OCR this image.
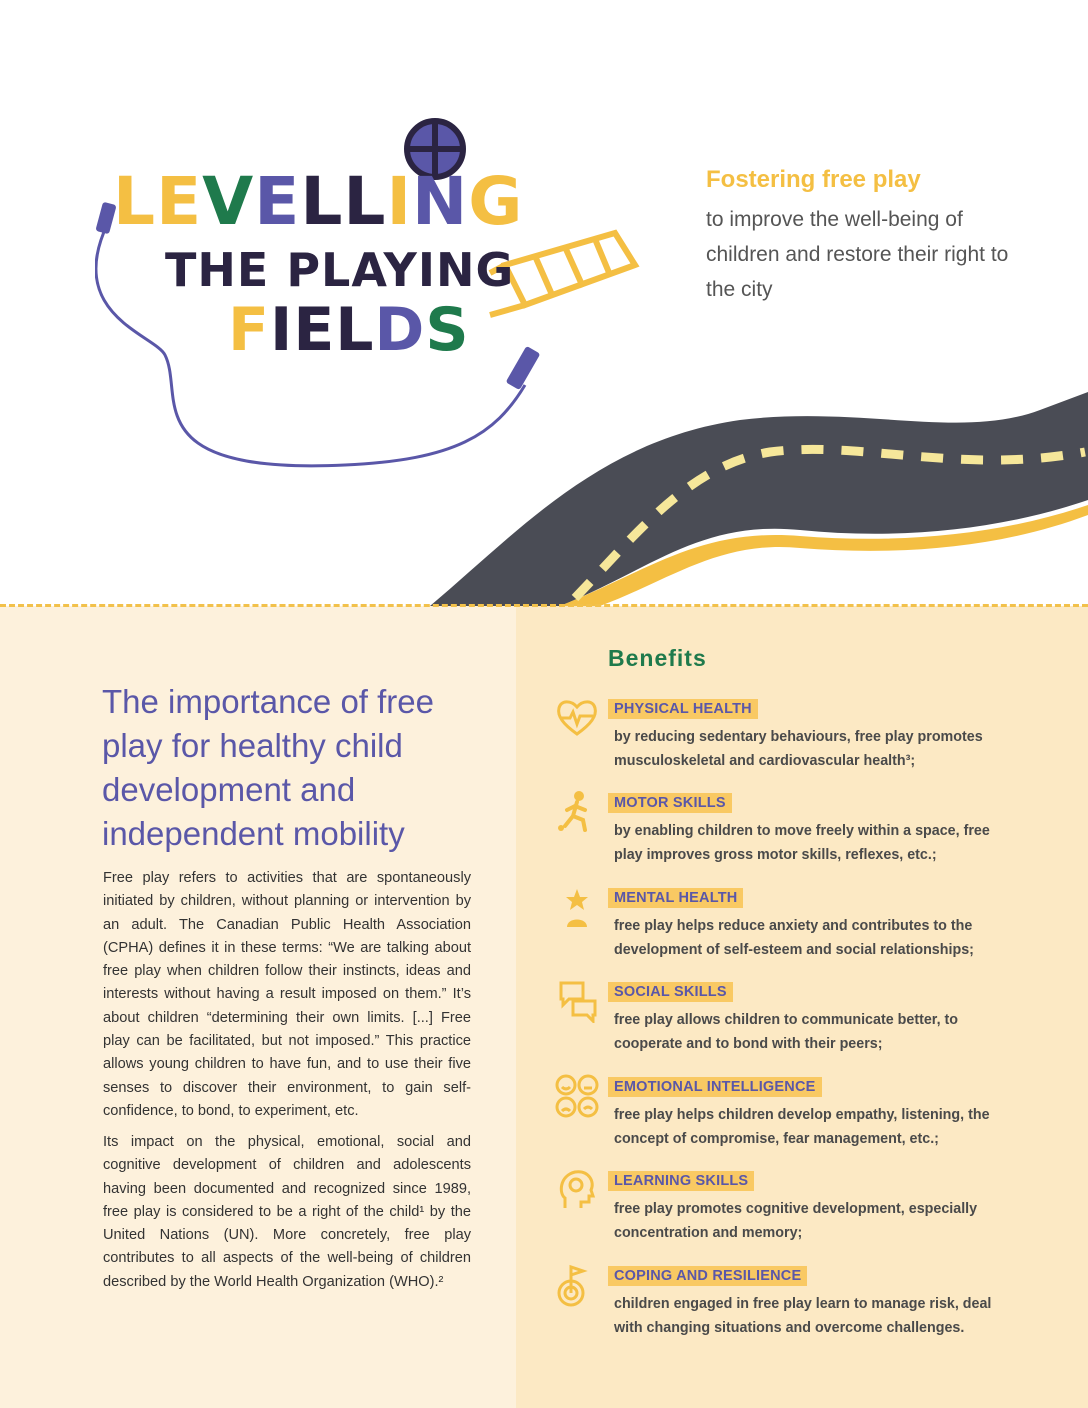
LEVELLING
THE PLAYING
FIELDS
Fostering free play
to improve the well-being of children and restore their right to the city
The importance of free play for healthy child development and independent mobility

Free play refers to activities that are spontaneously initiated by children, without planning or intervention by an adult. The Canadian Public Health Association (CPHA) defines it in these terms: “We are talking about free play when children follow their instincts, ideas and interests without having a result imposed on them.” It’s about children “determining their own limits. [...] Free play can be facilitated, but not imposed.” This practice allows young children to have fun, and to use their five senses to discover their environment, to gain self-confidence, to bond, to experiment, etc.

Its impact on the physical, emotional, social and cognitive development of children and adolescents having been documented and recognized since 1989, free play is considered to be a right of the child¹ by the United Nations (UN). More concretely, free play contributes to all aspects of the well-being of children described by the World Health Organization (WHO).²

Benefits
PHYSICAL HEALTH
by reducing sedentary behaviours, free play promotes musculoskeletal and cardiovascular health³;
MOTOR SKILLS
by enabling children to move freely within a space, free play improves gross motor skills, reflexes, etc.;
MENTAL HEALTH
free play helps reduce anxiety and contributes to the development of self-esteem and social relationships;
SOCIAL SKILLS
free play allows children to communicate better, to cooperate and to bond with their peers;
EMOTIONAL INTELLIGENCE
free play helps children develop empathy, listening, the concept of compromise, fear management, etc.;
LEARNING SKILLS
free play promotes cognitive development, especially concentration and memory;
COPING AND RESILIENCE
children engaged in free play learn to manage risk, deal with changing situations and overcome challenges.
